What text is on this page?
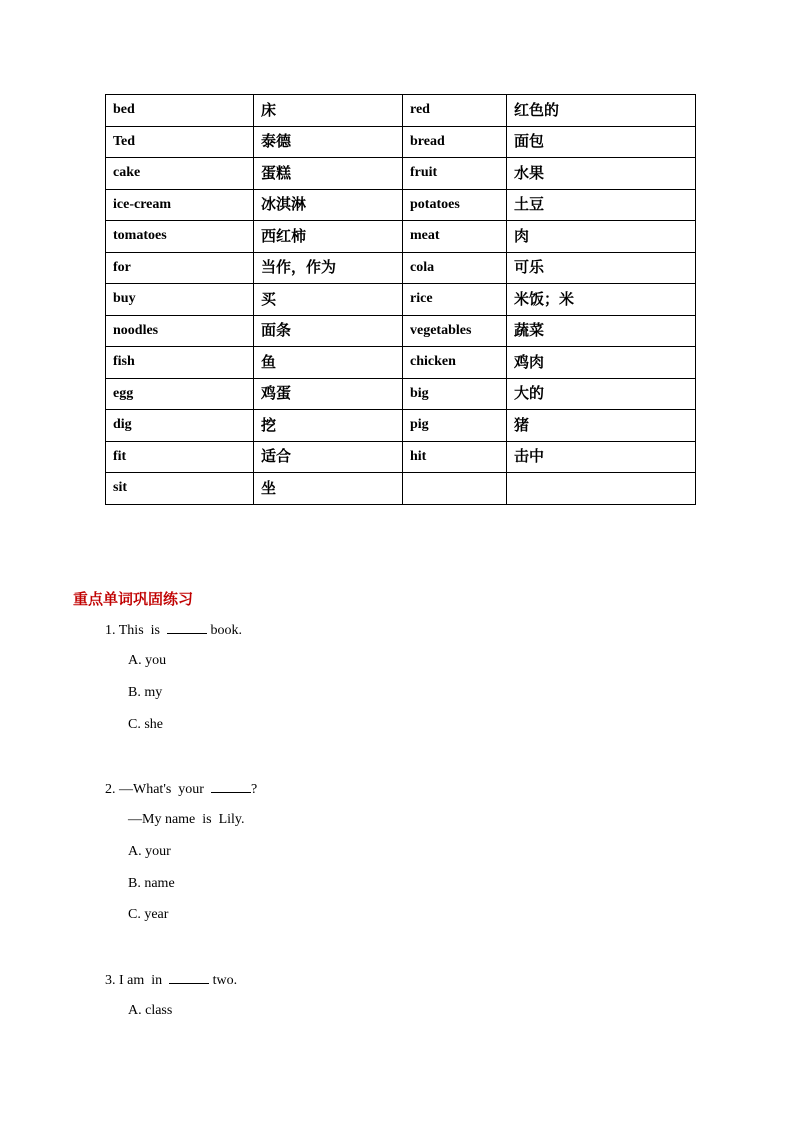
bed	床	red	红色的
Ted	泰德	bread	面包
cake	蛋糕	fruit	水果
ice-cream	冰淇淋	potatoes	土豆
tomatoes	西红柿	meat	肉
for	当作，作为	cola	可乐
buy	买	rice	米饭；米
noodles	面条	vegetables	蔬菜
fish	鱼	chicken	鸡肉
egg	鸡蛋	big	大的
dig	挖	pig	猪
fit	适合	hit	击中
sit	坐		
重点单词巩固练习

1. This  is	book.

A. you

B. my

C. she

2. —What's  your	?

—My name  is  Lily.

A. your

B. name

C. year

3. I am  in	two.

A. class
